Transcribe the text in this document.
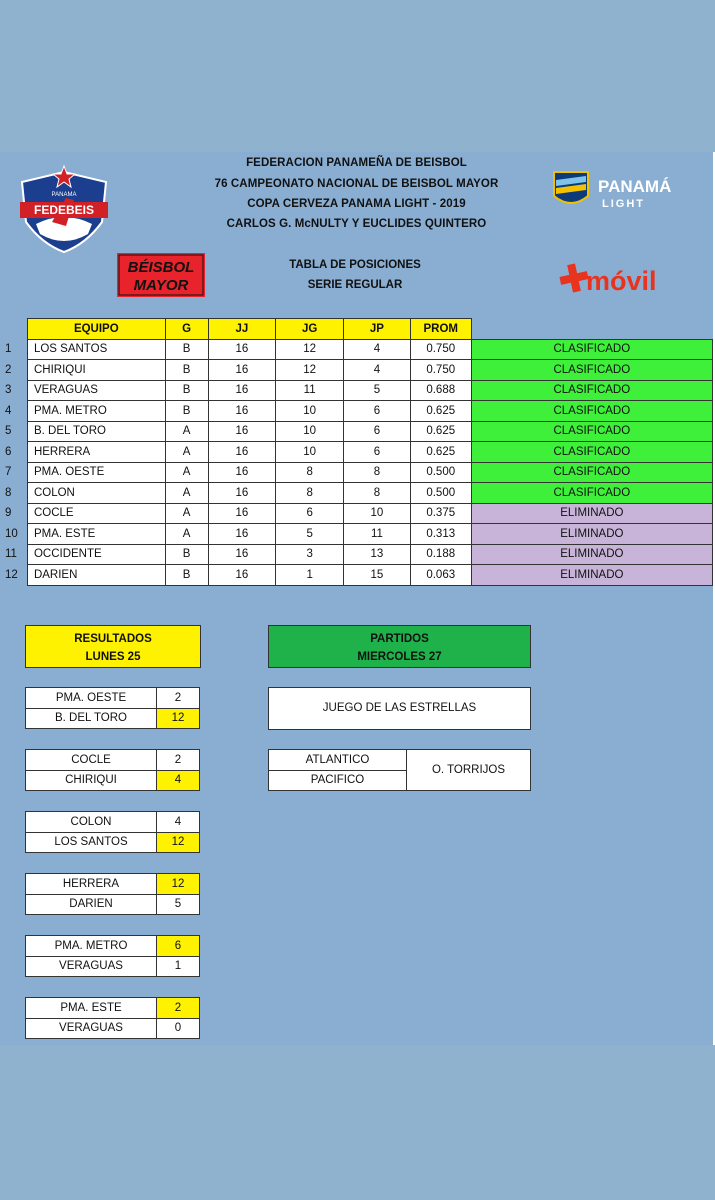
PANAMA
FEDEBEIS
FEDERACION PANAMEÑA DE BEISBOL
76 CAMPEONATO NACIONAL DE BEISBOL MAYOR
COPA CERVEZA PANAMA LIGHT - 2019
CARLOS G. McNULTY Y EUCLIDES QUINTERO
PANAMÁ
LIGHT
BÉISBOL
MAYOR
TABLA DE POSICIONES
SERIE REGULAR	móvil
	EQUIPO	G	JJ	JG	JP	PROM	
1	LOS SANTOS	B	16	12	4	0.750	CLASIFICADO
2	CHIRIQUI	B	16	12	4	0.750	CLASIFICADO
3	VERAGUAS	B	16	11	5	0.688	CLASIFICADO
4	PMA. METRO	B	16	10	6	0.625	CLASIFICADO
5	B. DEL TORO	A	16	10	6	0.625	CLASIFICADO
6	HERRERA	A	16	10	6	0.625	CLASIFICADO
7	PMA. OESTE	A	16	8	8	0.500	CLASIFICADO
8	COLON	A	16	8	8	0.500	CLASIFICADO
9	COCLE	A	16	6	10	0.375	ELIMINADO
10	PMA. ESTE	A	16	5	11	0.313	ELIMINADO
11	OCCIDENTE	B	16	3	13	0.188	ELIMINADO
12	DARIEN	B	16	1	15	0.063	ELIMINADO
RESULTADOS
LUNES 25
PARTIDOS
MIERCOLES 27
PMA. OESTE	2
B. DEL TORO	12
COCLE	2
CHIRIQUI	4
COLON	4
LOS SANTOS	12
HERRERA	12
DARIEN	5
PMA. METRO	6
VERAGUAS	1
PMA. ESTE	2
VERAGUAS	0
JUEGO DE LAS ESTRELLAS
ATLANTICO	O. TORRIJOS
PACIFICO
